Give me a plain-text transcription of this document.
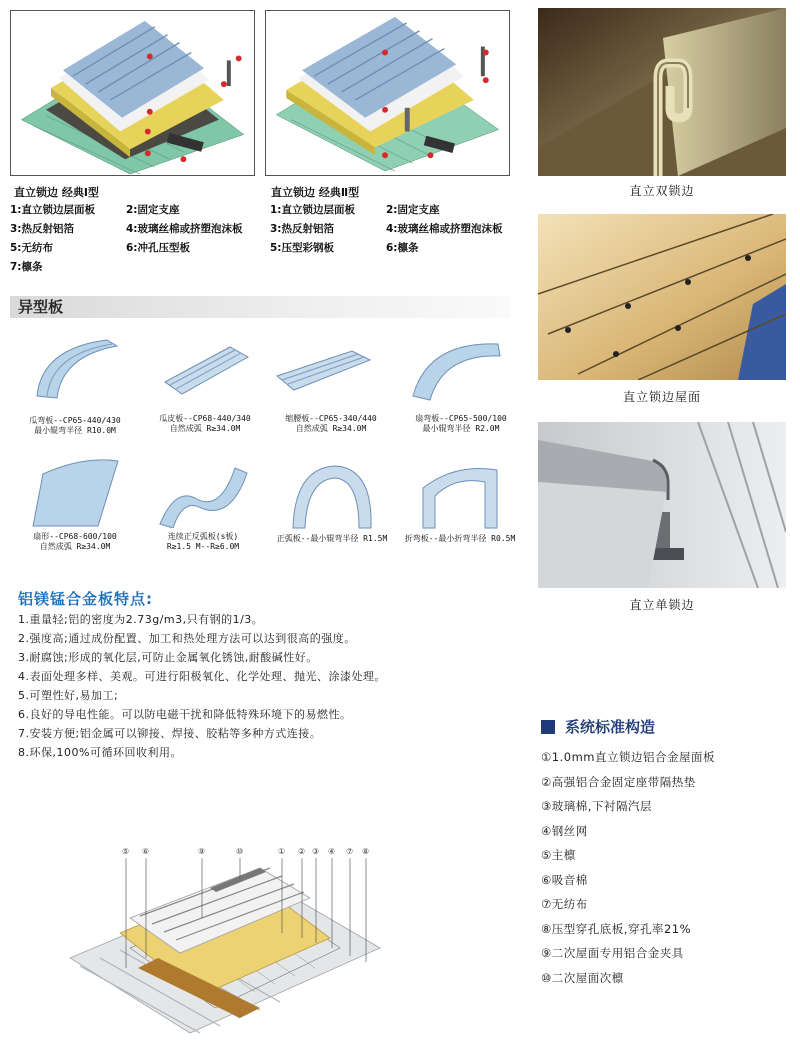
直立锁边 经典Ⅰ型
1:直立锁边层面板	2:固定支座
3:热反射铝箔	4:玻璃丝棉或挤塑泡沫板
5:无纺布	6:冲孔压型板
7:檩条
直立锁边 经典Ⅱ型
1:直立锁边层面板	2:固定支座
3:热反射铝箔	4:玻璃丝棉或挤塑泡沫板
5:压型彩钢板	6:檩条
直立双锁边
直立锁边屋面
直立单锁边
异型板
瓜弯板--CP65-440/430
最小辊弯半径 R10.0M
瓜皮板--CP68-440/340
自然成弧 R≥34.0M
缩腰板--CP65-340/440
自然成弧 R≥34.0M
扇弯板--CP65-500/100
最小辊弯半径 R2.0M
扇形--CP68-600/100
自然成弧 R≥34.0M
连续正反弧板(s板)
R≥1.5 M--R≥6.0M
正弧板--最小辊弯半径 R1.5M	折弯板--最小折弯半径 R0.5M
铝镁锰合金板特点:
1.重量轻;铝的密度为2.73g/m3,只有钢的1/3。
2.强度高;通过成份配置、加工和热处理方法可以达到很高的强度。
3.耐腐蚀;形成的氧化层,可防止金属氧化锈蚀,耐酸碱性好。
4.表面处理多样、美观。可进行阳极氧化、化学处理、抛光、涂漆处理。
5.可塑性好,易加工;
6.良好的导电性能。可以防电磁干扰和降低特殊环境下的易燃性。
7.安装方便;铝金属可以铆接、焊接、胶粘等多种方式连接。
8.环保,100%可循环回收利用。
系统标准构造
①1.0mm直立锁边铝合金屋面板
②高强铝合金固定座带隔热垫
③玻璃棉,下衬隔汽层
④钢丝网
⑤主檩
⑥吸音棉
⑦无纺布
⑧压型穿孔底板,穿孔率21%
⑨二次屋面专用铝合金夹具
⑩二次屋面次檩
⑤ ⑥	⑨	⑩	① ② ③ ④ ⑦ ⑧
